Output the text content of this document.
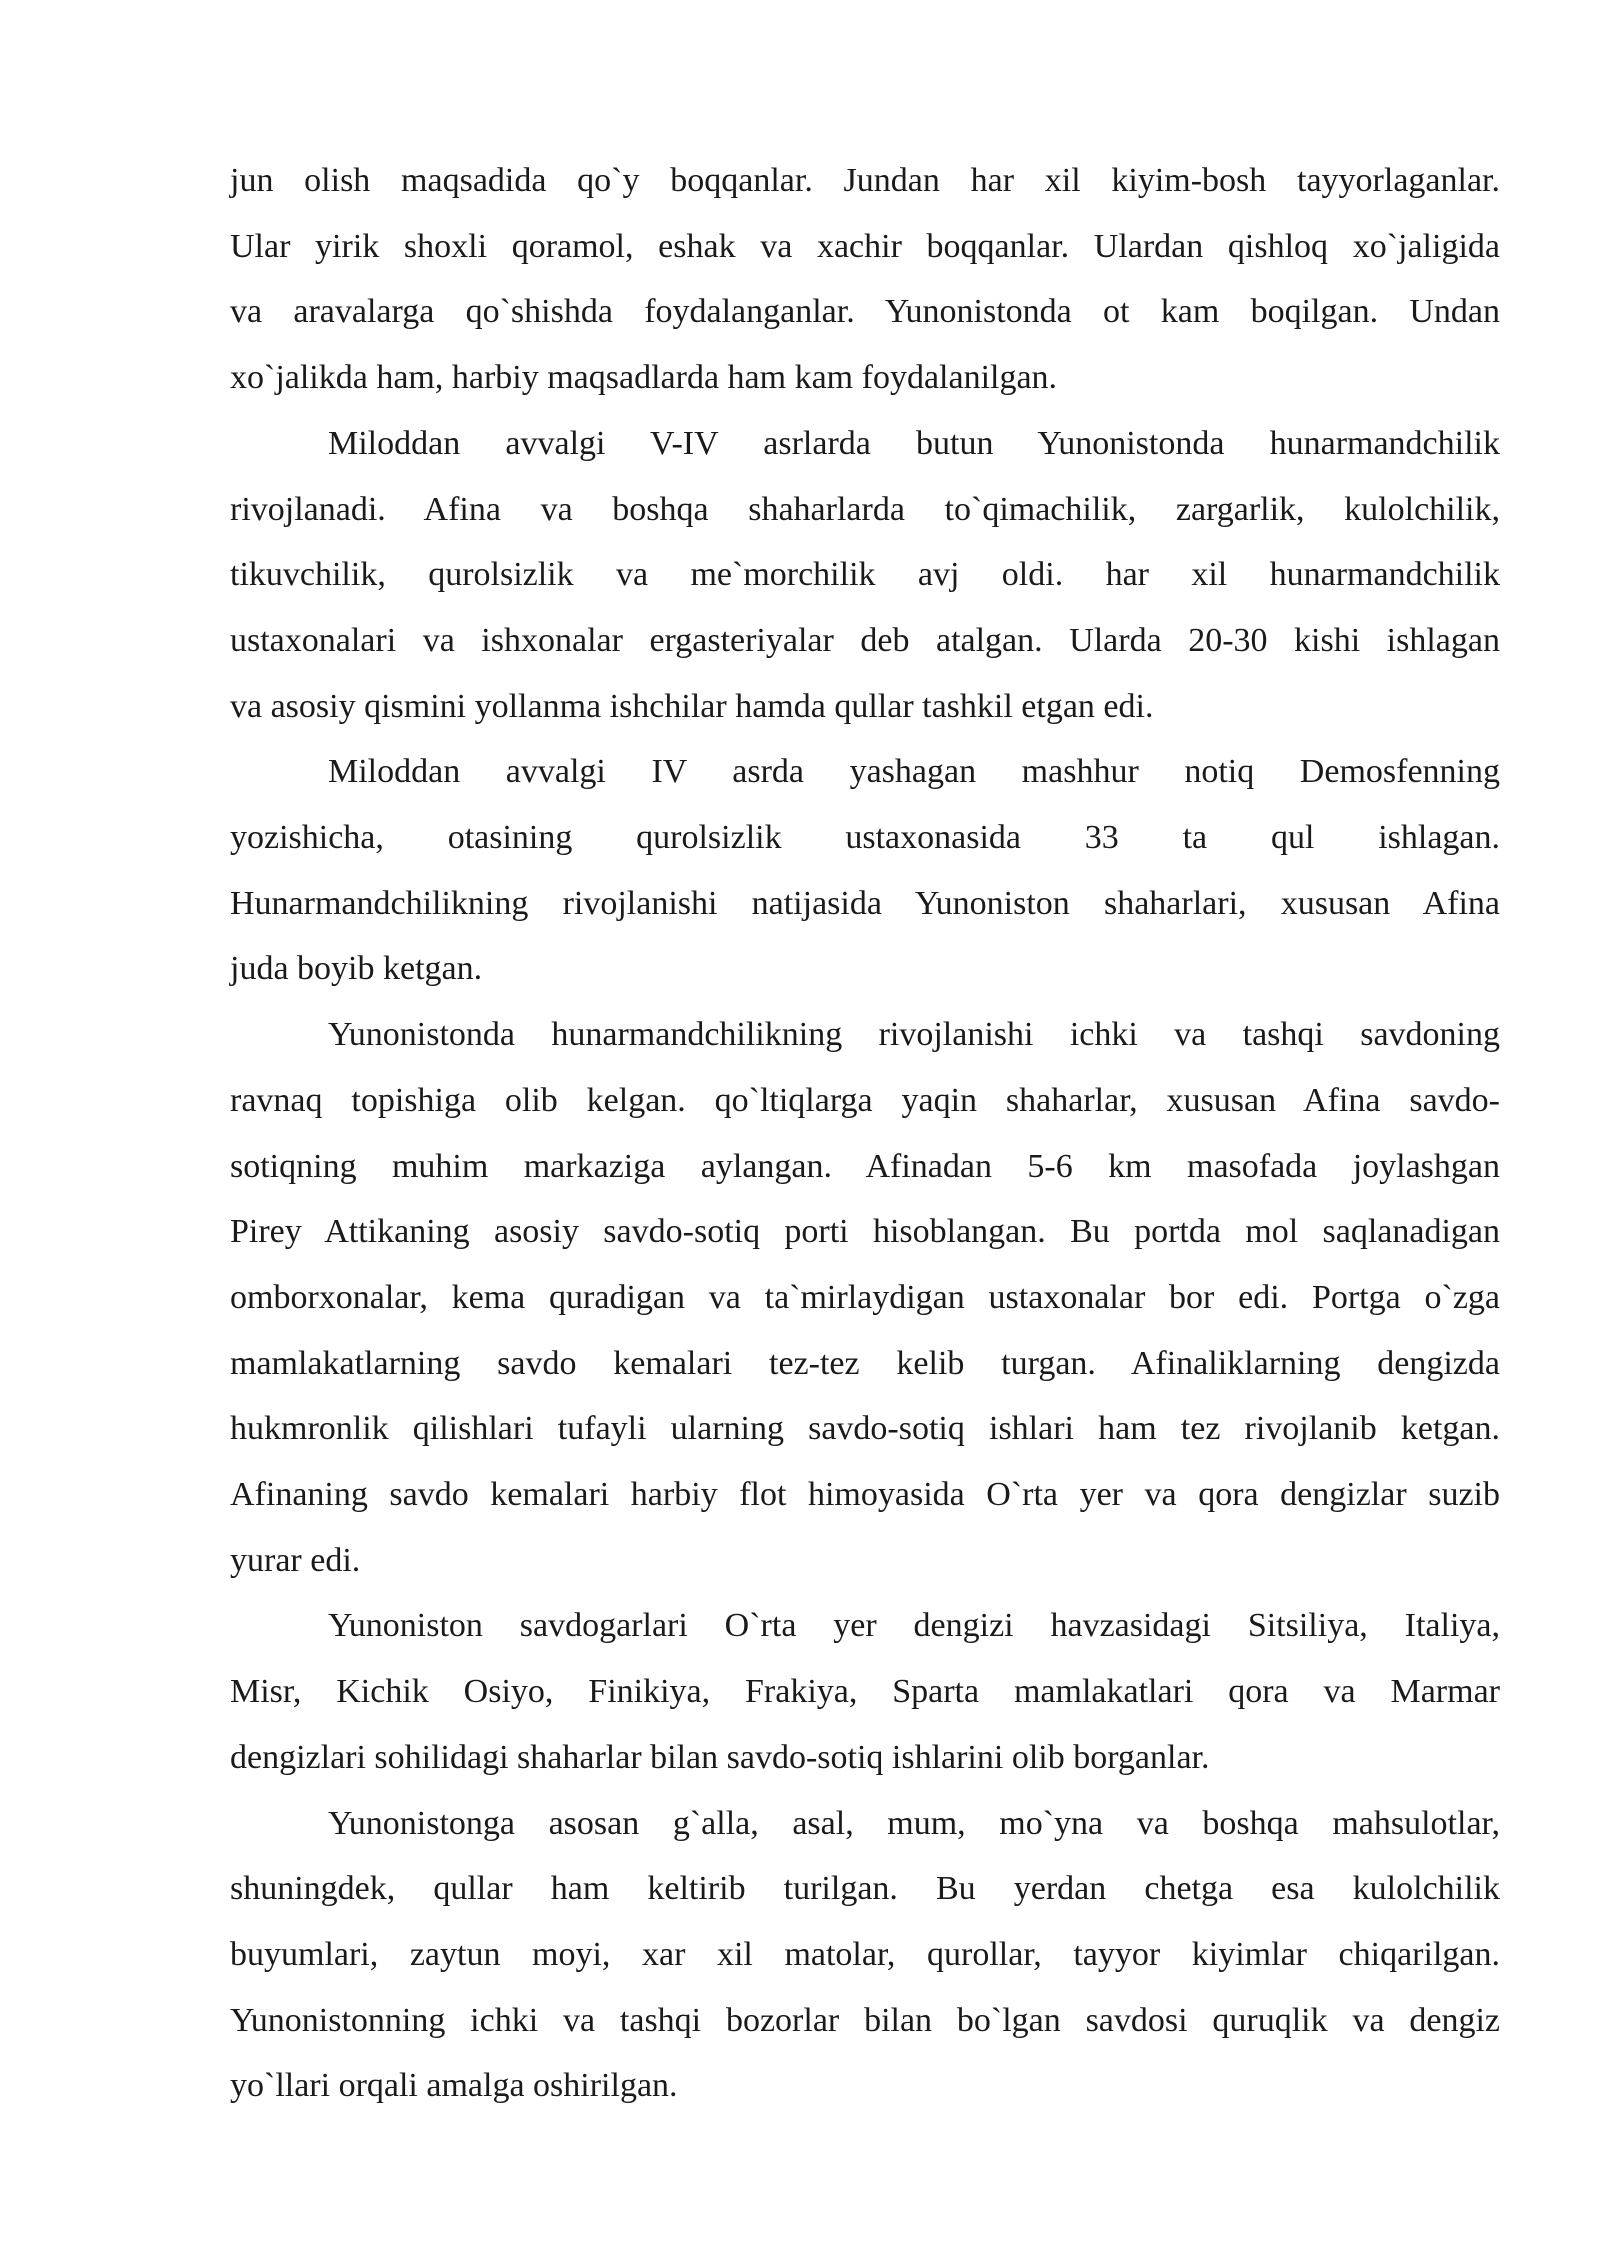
jun olish maqsadida qo`y boqqanlar. Jundan har xil kiyim-bosh tayyorlaganlar.
Ular yirik shoxli qoramol, eshak va xachir boqqanlar. Ulardan qishloq xo`jaligida
va aravalarga qo`shishda foydalanganlar. Yunonistonda ot kam boqilgan. Undan
xo`jalikda ham, harbiy maqsadlarda ham kam foydalanilgan.

Miloddan avvalgi V-IV asrlarda butun Yunonistonda hunarmandchilik
rivojlanadi. Afina va boshqa shaharlarda to`qimachilik, zargarlik, kulolchilik,
tikuvchilik, qurolsizlik va me`morchilik avj oldi. har xil hunarmandchilik
ustaxonalari va ishxonalar ergasteriyalar deb atalgan. Ularda 20-30 kishi ishlagan
va asosiy qismini yollanma ishchilar hamda qullar tashkil etgan edi.

Miloddan avvalgi IV asrda yashagan mashhur notiq Demosfenning
yozishicha, otasining qurolsizlik ustaxonasida 33 ta qul ishlagan.
Hunarmandchilikning rivojlanishi natijasida Yunoniston shaharlari, xususan Afina
juda boyib ketgan.

Yunonistonda hunarmandchilikning rivojlanishi ichki va tashqi savdoning
ravnaq topishiga olib kelgan. qo`ltiqlarga yaqin shaharlar, xususan Afina savdo-
sotiqning muhim markaziga aylangan. Afinadan 5-6 km masofada joylashgan
Pirey Attikaning asosiy savdo-sotiq porti hisoblangan. Bu portda mol saqlanadigan
omborxonalar, kema quradigan va ta`mirlaydigan ustaxonalar bor edi. Portga o`zga
mamlakatlarning savdo kemalari tez-tez kelib turgan. Afinaliklarning dengizda
hukmronlik qilishlari tufayli ularning savdo-sotiq ishlari ham tez rivojlanib ketgan.
Afinaning savdo kemalari harbiy flot himoyasida O`rta yer va qora dengizlar suzib
yurar edi.

Yunoniston savdogarlari O`rta yer dengizi havzasidagi Sitsiliya, Italiya,
Misr, Kichik Osiyo, Finikiya, Frakiya, Sparta mamlakatlari qora va Marmar
dengizlari sohilidagi shaharlar bilan savdo-sotiq ishlarini olib borganlar.

Yunonistonga asosan g`alla, asal, mum, mo`yna va boshqa mahsulotlar,
shuningdek, qullar ham keltirib turilgan. Bu yerdan chetga esa kulolchilik
buyumlari, zaytun moyi, xar xil matolar, qurollar, tayyor kiyimlar chiqarilgan.
Yunonistonning ichki va tashqi bozorlar bilan bo`lgan savdosi quruqlik va dengiz
yo`llari orqali amalga oshirilgan.
